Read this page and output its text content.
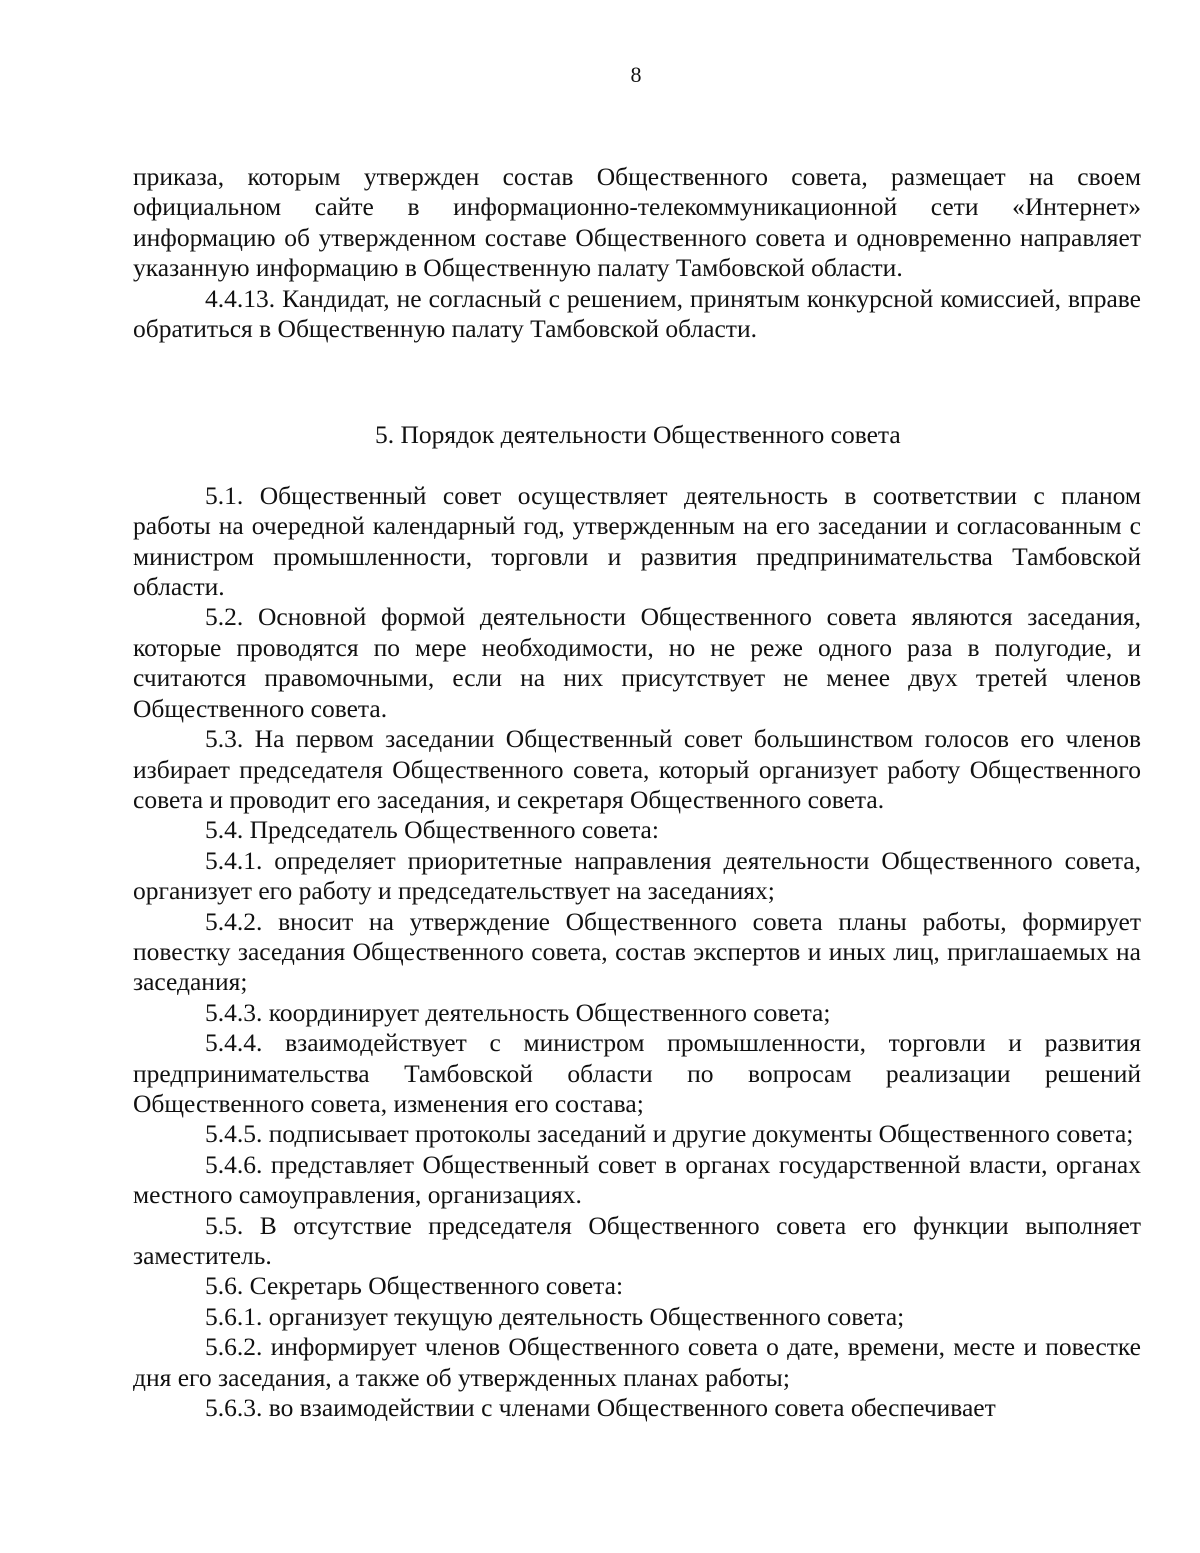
8

приказа, которым утвержден состав Общественного совета, размещает на своем официальном сайте в информационно-телекоммуникационной сети «Интернет» информацию об утвержденном составе Общественного совета и одновременно направляет указанную информацию в Общественную палату Тамбовской области.

4.4.13. Кандидат, не согласный с решением, принятым конкурсной комиссией, вправе обратиться в Общественную палату Тамбовской области.

5. Порядок деятельности Общественного совета

5.1. Общественный совет осуществляет деятельность в соответствии с планом работы на очередной календарный год, утвержденным на его заседании и согласованным с министром промышленности, торговли и развития предпринимательства Тамбовской области.

5.2. Основной формой деятельности Общественного совета являются заседания, которые проводятся по мере необходимости, но не реже одного раза в полугодие, и считаются правомочными, если на них присутствует не менее двух третей членов Общественного совета.

5.3. На первом заседании Общественный совет большинством голосов его членов избирает председателя Общественного совета, который организует работу Общественного совета и проводит его заседания, и секретаря Общественного совета.

5.4. Председатель Общественного совета:

5.4.1. определяет приоритетные направления деятельности Общественного совета, организует его работу и председательствует на заседаниях;

5.4.2. вносит на утверждение Общественного совета планы работы, формирует повестку заседания Общественного совета, состав экспертов и иных лиц, приглашаемых на заседания;

5.4.3. координирует деятельность Общественного совета;

5.4.4. взаимодействует с министром промышленности, торговли и развития предпринимательства Тамбовской области по вопросам реализации решений Общественного совета, изменения его состава;

5.4.5. подписывает протоколы заседаний и другие документы Общественного совета;

5.4.6. представляет Общественный совет в органах государственной власти, органах местного самоуправления, организациях.

5.5. В отсутствие председателя Общественного совета его функции выполняет заместитель.

5.6. Секретарь Общественного совета:

5.6.1. организует текущую деятельность Общественного совета;

5.6.2. информирует членов Общественного совета о дате, времени, месте и повестке дня его заседания, а также об утвержденных планах работы;

5.6.3. во взаимодействии с членами Общественного совета обеспечивает
